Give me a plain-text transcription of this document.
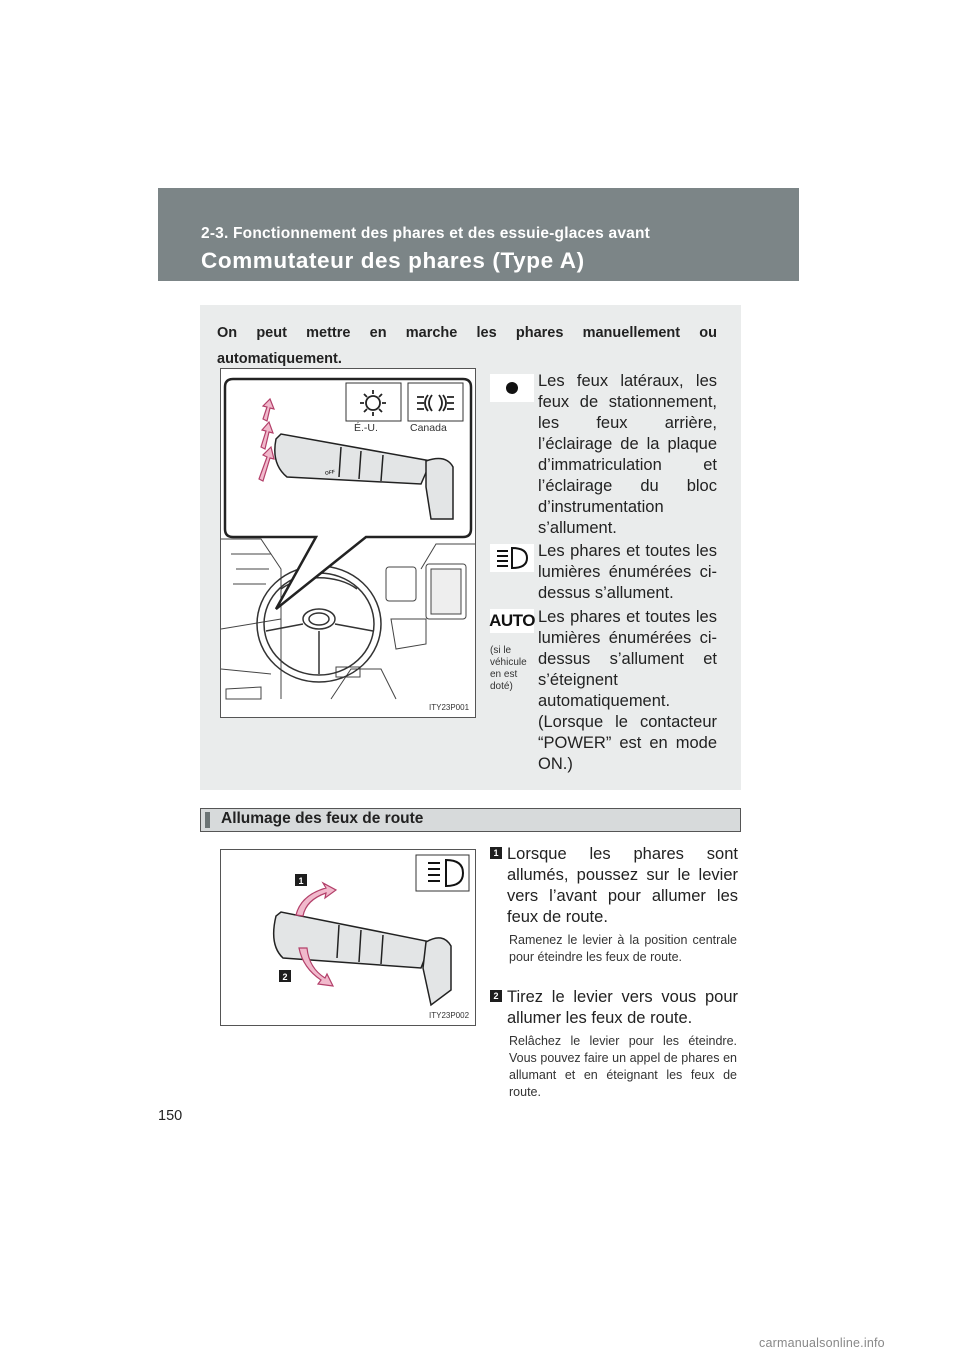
2-3. Fonctionnement des phares et des essuie-glaces avant
Commutateur des phares (Type A)
On peut mettre en marche les phares manuellement ou automatiquement.
É.-U.	Canada
OFF
ITY23P001
Les feux latéraux, les feux de stationnement, les feux arrière, l’éclairage de la plaque d’immatriculation et l’éclairage du bloc d’instrumentation s’allument.
Les phares et toutes les lumières énumérées ci-dessus s’allument.
AUTO
(si le véhicule en est doté)
Les phares et toutes les lumières énumérées ci-dessus s’allument et s’éteignent automatiquement. (Lorsque le contacteur “POWER” est en mode ON.)
Allumage des feux de route
1
2
ITY23P002
1 Lorsque les phares sont allumés, poussez sur le levier vers l’avant pour allumer les feux de route.
Ramenez le levier à la position centrale pour éteindre les feux de route.
2 Tirez le levier vers vous pour allumer les feux de route.
Relâchez le levier pour les éteindre. Vous pouvez faire un appel de phares en allumant et en éteignant les feux de route.
150
carmanualsonline.info
